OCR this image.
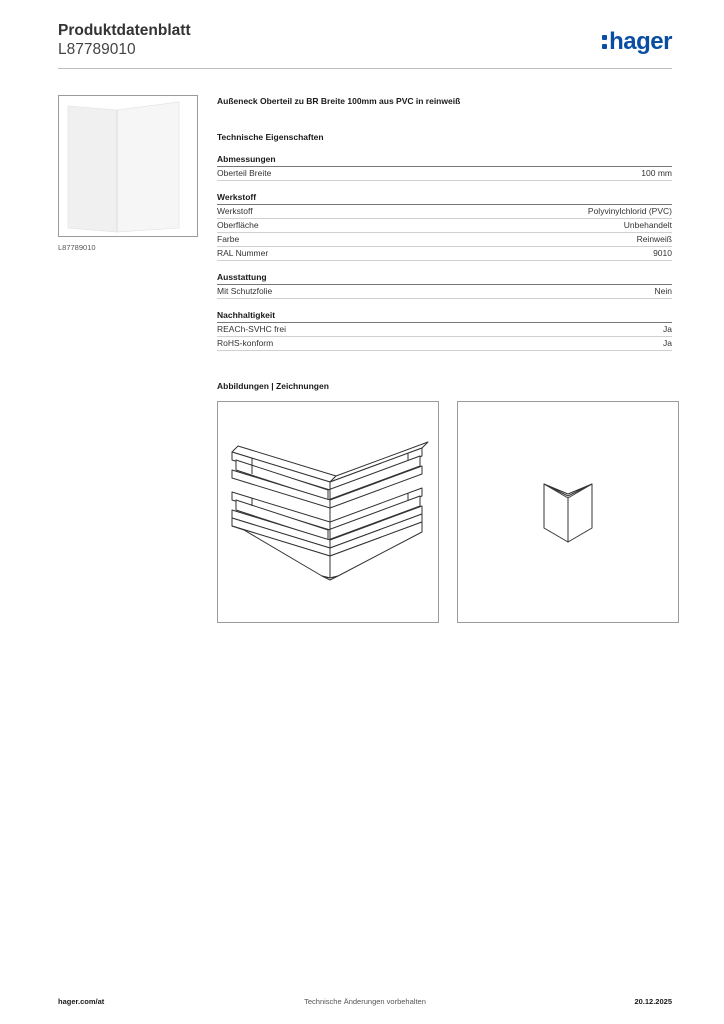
Produktdatenblatt
L87789010	hager
L87789010
Außeneck Oberteil zu BR Breite 100mm aus PVC in reinweiß
Technische Eigenschaften
Abmessungen
Oberteil Breite	100 mm
Werkstoff
Werkstoff	Polyvinylchlorid (PVC)
Oberfläche	Unbehandelt
Farbe	Reinweiß
RAL Nummer	9010
Ausstattung
Mit Schutzfolie	Nein
Nachhaltigkeit
REACh-SVHC frei	Ja
RoHS-konform	Ja
Abbildungen | Zeichnungen
hager.com/at	Technische Änderungen vorbehalten	20.12.2025
